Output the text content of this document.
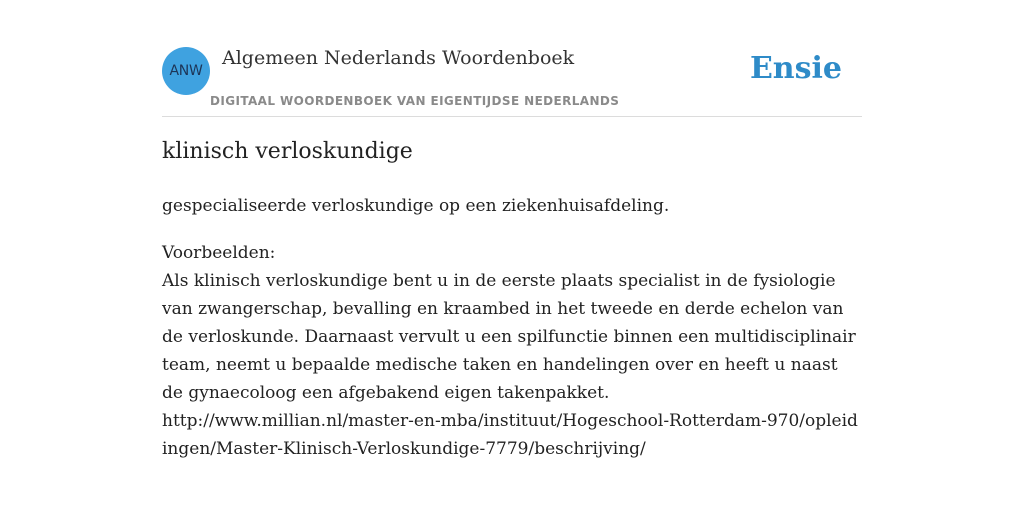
ANW
Algemeen Nederlands Woordenboek
DIGITAAL WOORDENBOEK VAN EIGENTIJDSE NEDERLANDS
Ensie
klinisch verloskundige

gespecialiseerde verloskundige op een ziekenhuisafdeling.

Voorbeelden:
Als klinisch verloskundige bent u in de eerste plaats specialist in de fysiologie van zwangerschap, bevalling en kraambed in het tweede en derde echelon van de verloskunde. Daarnaast vervult u een spilfunctie binnen een multidisciplinair team, neemt u bepaalde medische taken en handelingen over en heeft u naast de gynaecoloog een afgebakend eigen takenpakket.
http://www.millian.nl/master-en-mba/instituut/Hogeschool-Rotterdam-970/opleidingen/Master-Klinisch-Verloskundige-7779/beschrijving/
